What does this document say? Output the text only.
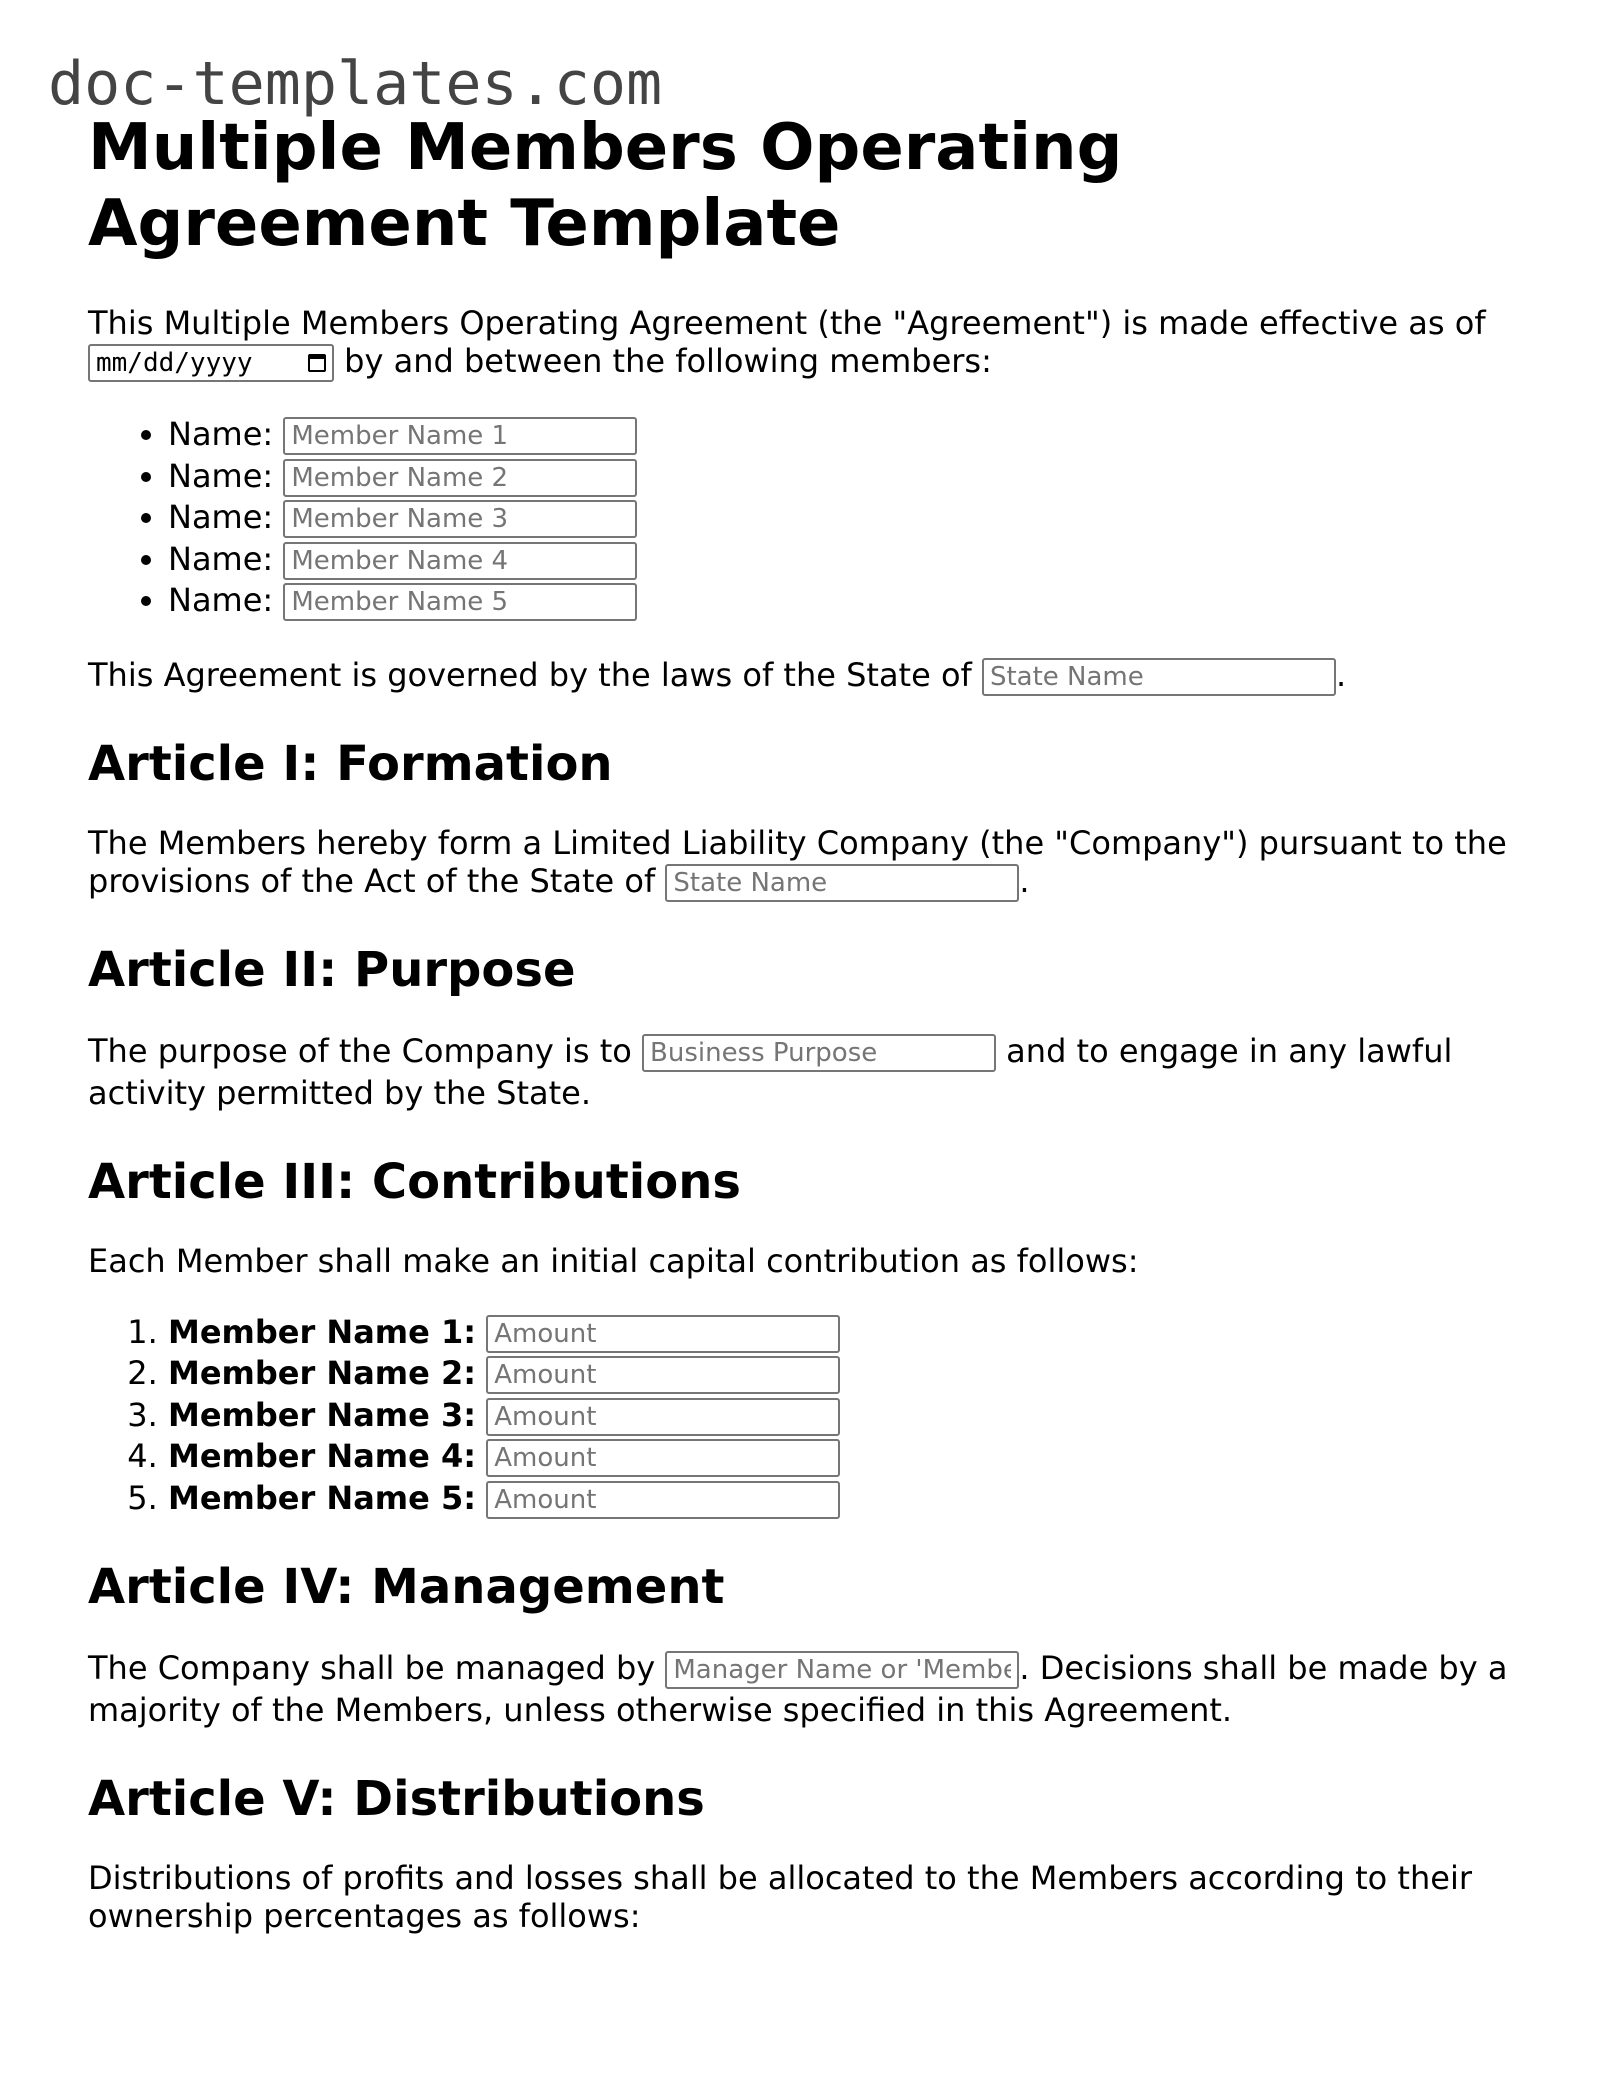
doc-templates.com
Multiple Members Operating Agreement Template

This Multiple Members Operating Agreement (the "Agreement") is made effective as of
mm/dd/yyyy	by and between the following members:

• Name: Member Name 1
• Name: Member Name 2
• Name: Member Name 3
• Name: Member Name 4
• Name: Member Name 5

This Agreement is governed by the laws of the State of State Name	.

Article I: Formation

The Members hereby form a Limited Liability Company (the "Company") pursuant to the provisions of the Act of the State of State Name	.

Article II: Purpose

The purpose of the Company is to Business Purpose	and to engage in any lawful activity permitted by the State.

Article III: Contributions

Each Member shall make an initial capital contribution as follows:

1. Member Name 1: Amount
2. Member Name 2: Amount
3. Member Name 3: Amount
4. Member Name 4: Amount
5. Member Name 5: Amount
Article IV: Management

The Company shall be managed by Manager Name or 'Members'	. Decisions shall be made by a majority of the Members, unless otherwise specified in this Agreement.

Article V: Distributions

Distributions of profits and losses shall be allocated to the Members according to their ownership percentages as follows:
